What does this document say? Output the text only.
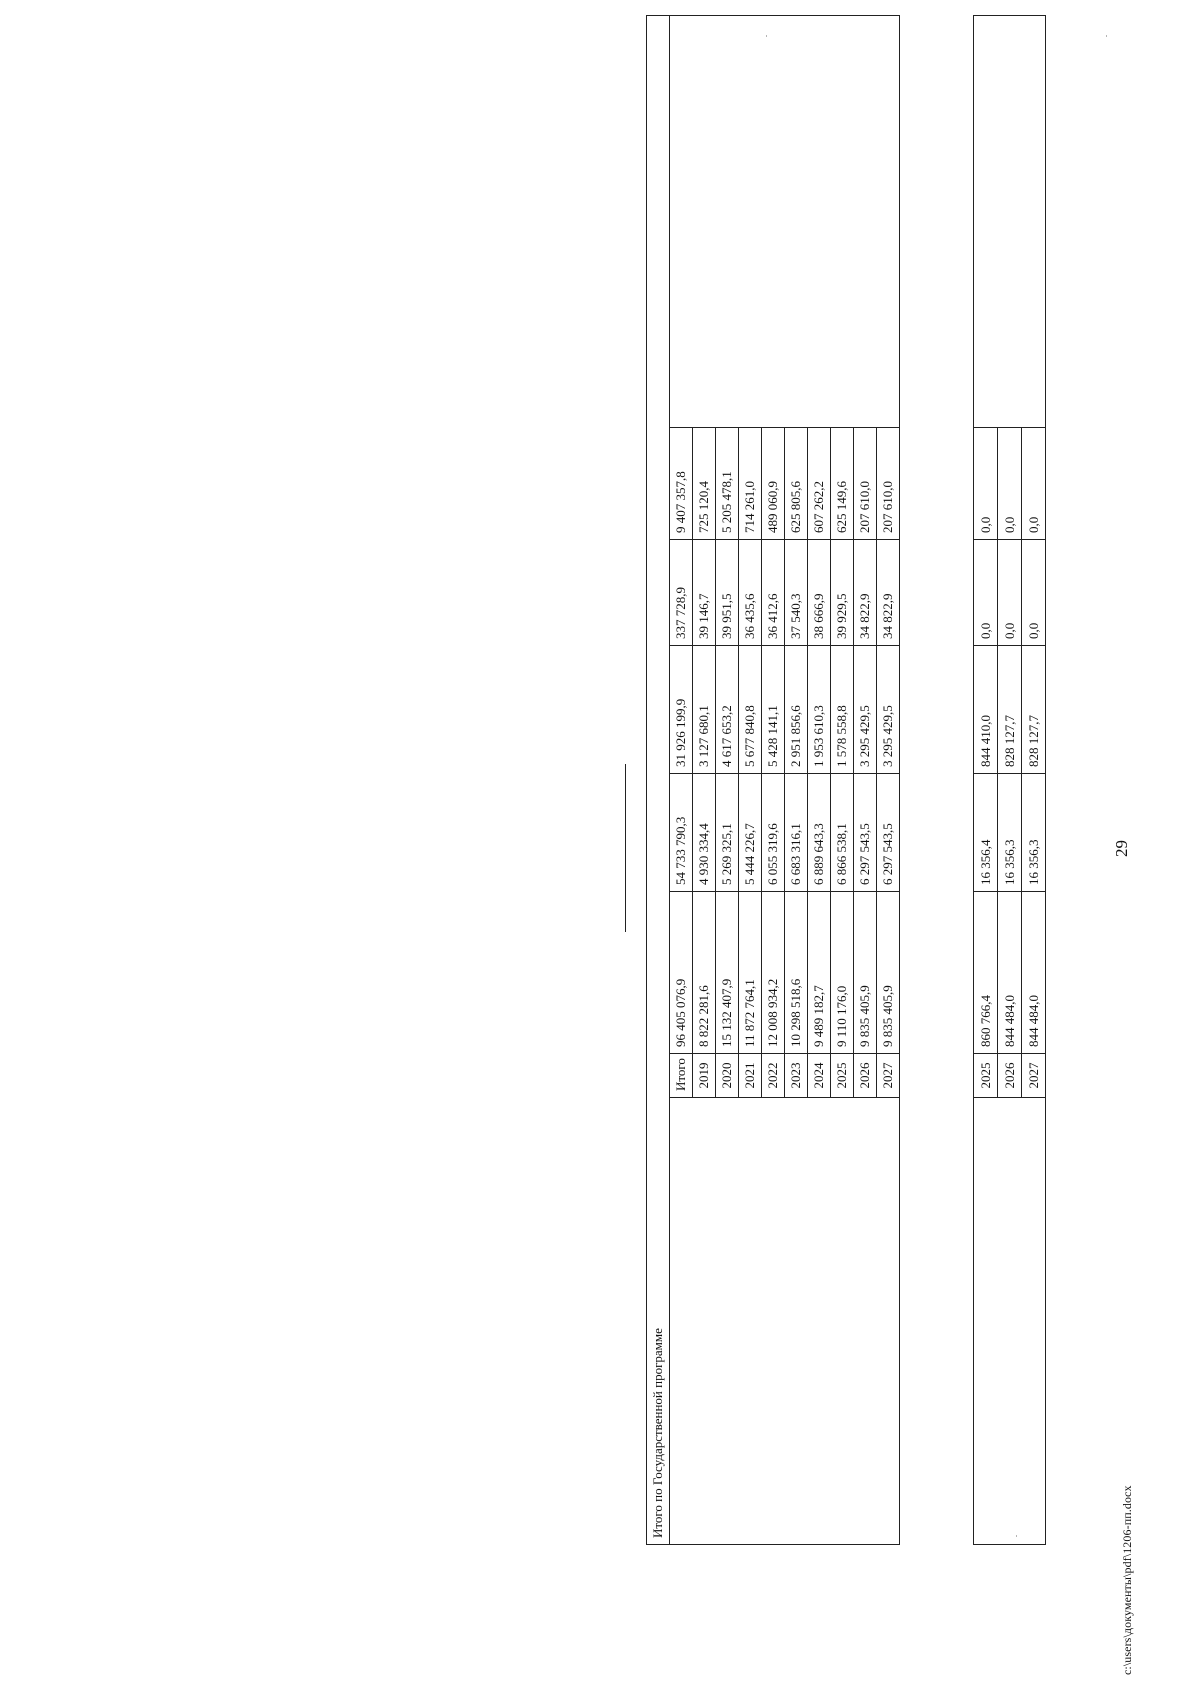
29
	2025	860 766,4	16 356,4	844 410,0	0,0	0,0	
	2026	844 484,0	16 356,3	828 127,7	0,0	0,0	
	2027	844 484,0	16 356,3	828 127,7	0,0	0,0	
Итого по Государственной программе							
	Итого	96 405 076,9	54 733 790,3	31 926 199,9	337 728,9	9 407 357,8	
	2019	8 822 281,6	4 930 334,4	3 127 680,1	39 146,7	725 120,4	
	2020	15 132 407,9	5 269 325,1	4 617 653,2	39 951,5	5 205 478,1	
	2021	11 872 764,1	5 444 226,7	5 677 840,8	36 435,6	714 261,0	
	2022	12 008 934,2	6 055 319,6	5 428 141,1	36 412,6	489 060,9	
	2023	10 298 518,6	6 683 316,1	2 951 856,6	37 540,3	625 805,6	
	2024	9 489 182,7	6 889 643,3	1 953 610,3	38 666,9	607 262,2	
	2025	9 110 176,0	6 866 538,1	1 578 558,8	39 929,5	625 149,6	
	2026	9 835 405,9	6 297 543,5	3 295 429,5	34 822,9	207 610,0	
	2027	9 835 405,9	6 297 543,5	3 295 429,5	34 822,9	207 610,0	
.
.
.	c:\users\документы\pdf\1206-пп.docx
